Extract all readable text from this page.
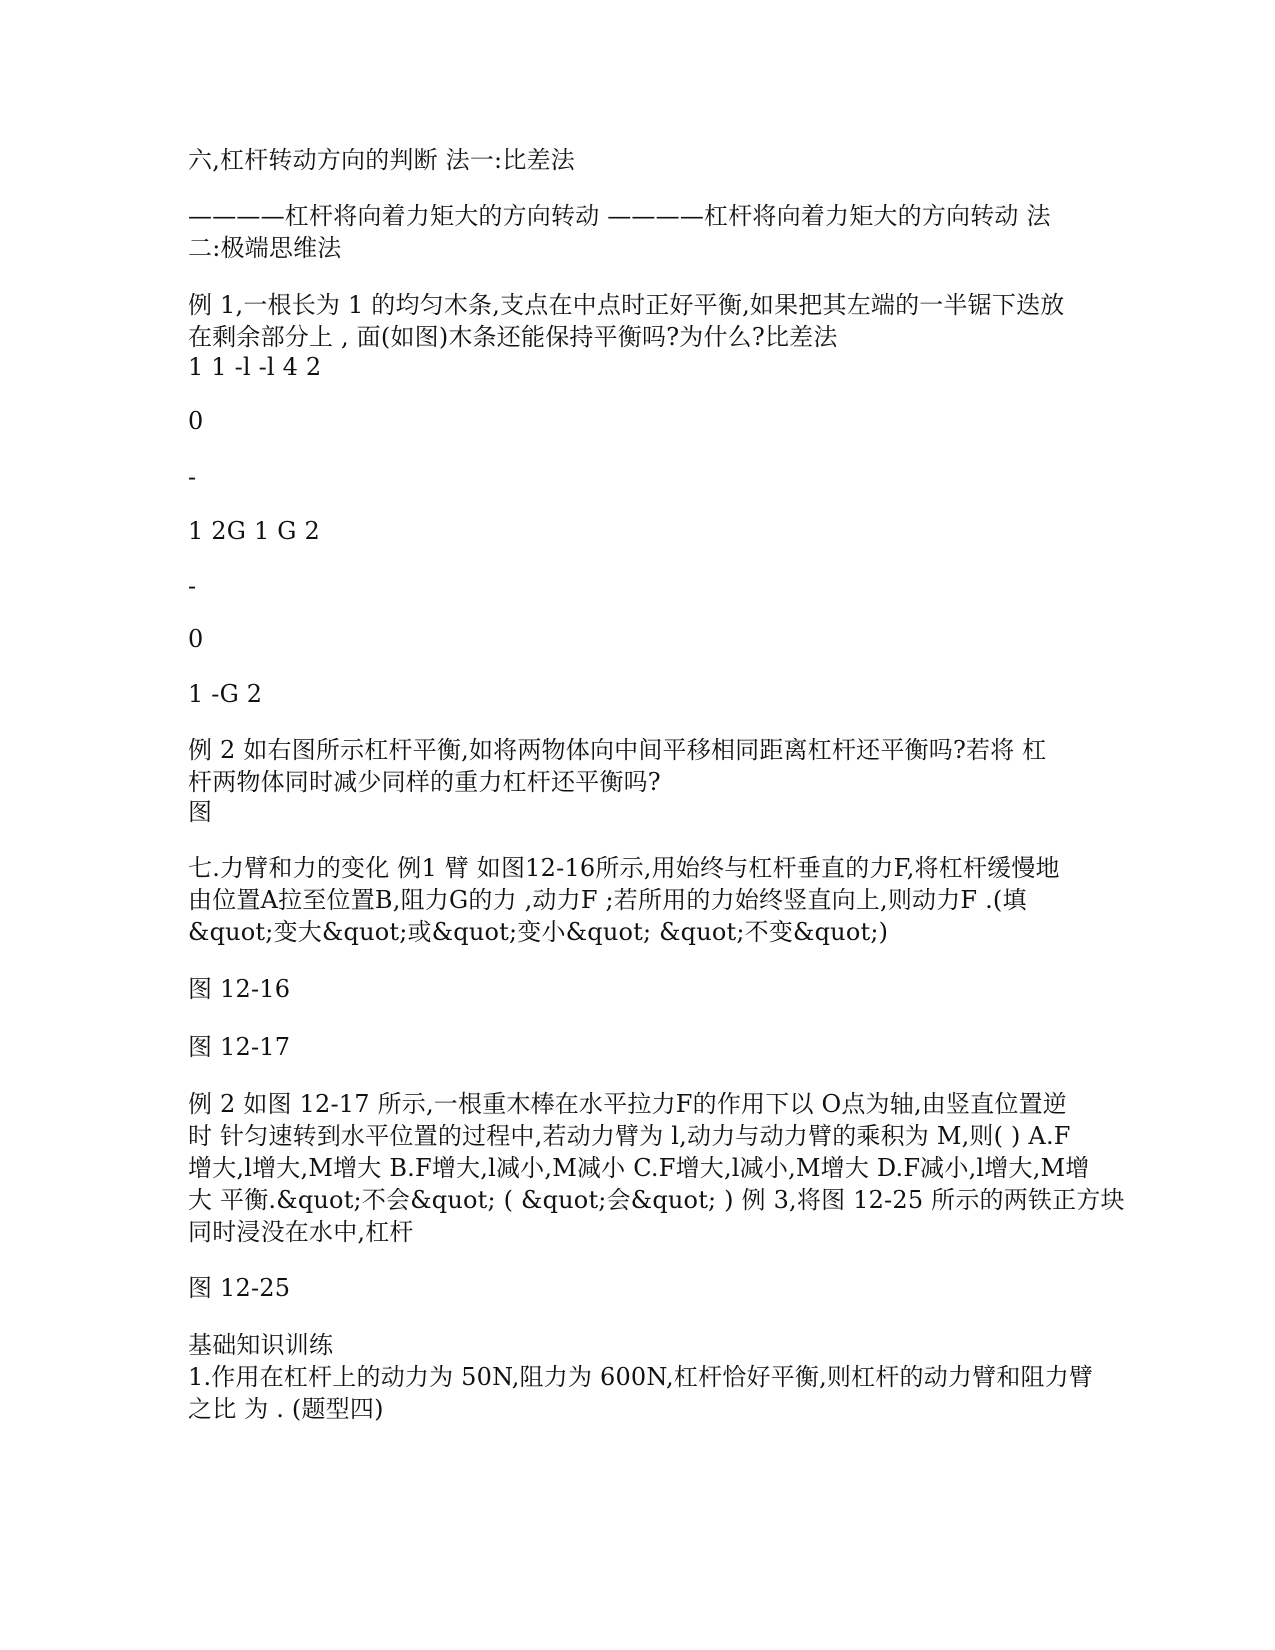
六,杠杆转动方向的判断 法一:比差法
————杠杆将向着力矩大的方向转动 ————杠杆将向着力矩大的方向转动 法
二:极端思维法
例 1,一根长为 1 的均匀木条,支点在中点时正好平衡,如果把其左端的一半锯下迭放
在剩余部分上 , 面(如图)木条还能保持平衡吗?为什么?比差法
1 1 -l -l 4 2
0
-
1 2G 1 G 2
-
0
1 -G 2
例 2 如右图所示杠杆平衡,如将两物体向中间平移相同距离杠杆还平衡吗?若将 杠
杆两物体同时减少同样的重力杠杆还平衡吗?
图
七.力臂和力的变化 例1 臂 如图12-16所示,用始终与杠杆垂直的力F,将杠杆缓慢地
由位置A拉至位置B,阻力G的力 ,动力F ;若所用的力始终竖直向上,则动力F .(填
&quot;变大&quot;或&quot;变小&quot; &quot;不变&quot;)
图 12-16
图 12-17
例 2 如图 12-17 所示,一根重木棒在水平拉力F的作用下以 O点为轴,由竖直位置逆
时 针匀速转到水平位置的过程中,若动力臂为 l,动力与动力臂的乘积为 M,则( ) A.F
增大,l增大,M增大 B.F增大,l减小,M减小 C.F增大,l减小,M增大 D.F减小,l增大,M增
大 平衡.&quot;不会&quot; ( &quot;会&quot; ) 例 3,将图 12-25 所示的两铁正方块
同时浸没在水中,杠杆
图 12-25
基础知识训练
1.作用在杠杆上的动力为 50N,阻力为 600N,杠杆恰好平衡,则杠杆的动力臂和阻力臂
之比 为 . (题型四)
